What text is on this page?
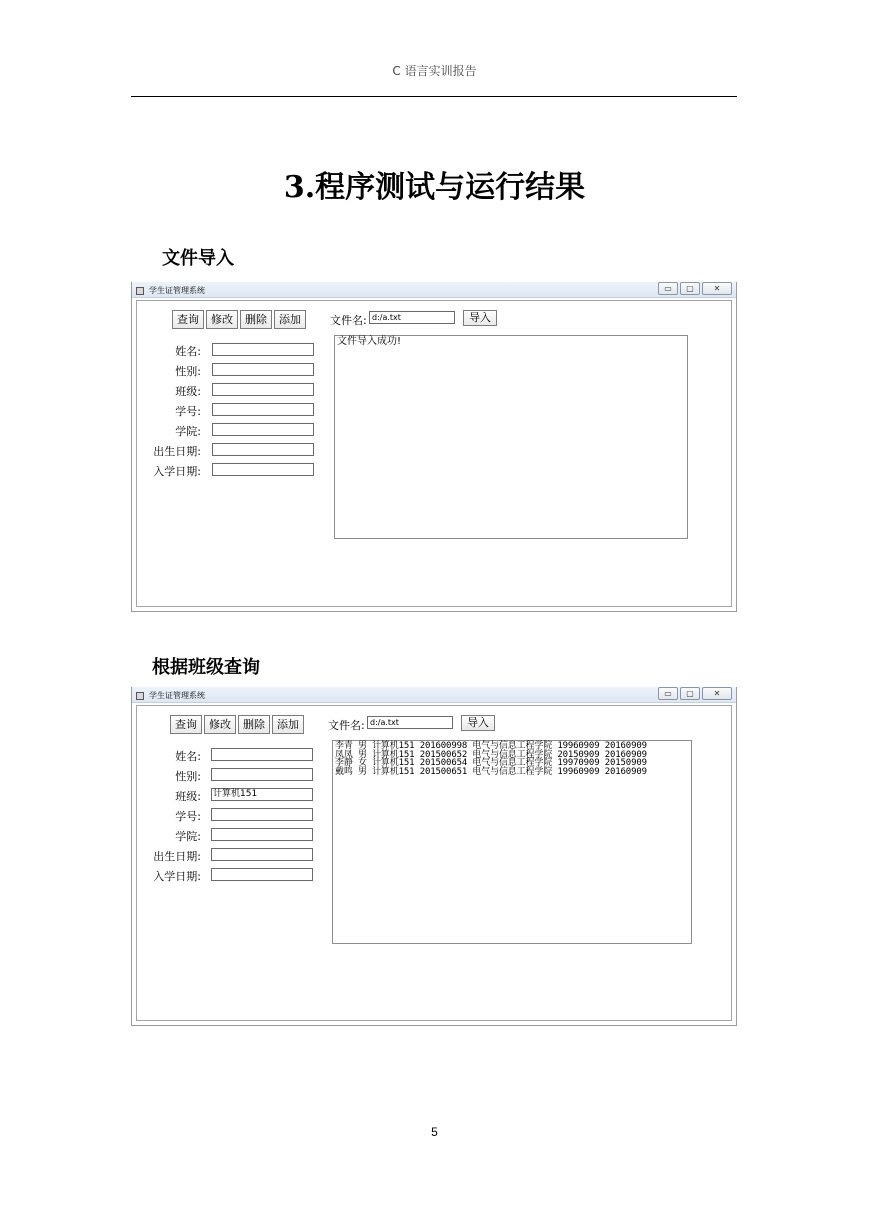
C 语言实训报告
3.程序测试与运行结果
文件导入
学生证管理系统	▭	▢	✕
查询	修改	删除	添加
姓名:
性别:
班级:
学号:
学院:
出生日期:
入学日期:
文件名: d:/a.txt	导入
文件导入成功!
根据班级查询
学生证管理系统	▭	▢	✕
查询	修改	删除	添加
姓名:
性别:
班级: 计算机151
学号:
学院:
出生日期:
入学日期:
文件名: d:/a.txt	导入
李青 男 计算机151 201600998 电气与信息工程学院 19960909 20160909
凤凤 男 计算机151 201500652 电气与信息工程学院 20150909 20160909
李静 女 计算机151 201500654 电气与信息工程学院 19970909 20150909
戴鸣 男 计算机151 201500651 电气与信息工程学院 19960909 20160909
5
